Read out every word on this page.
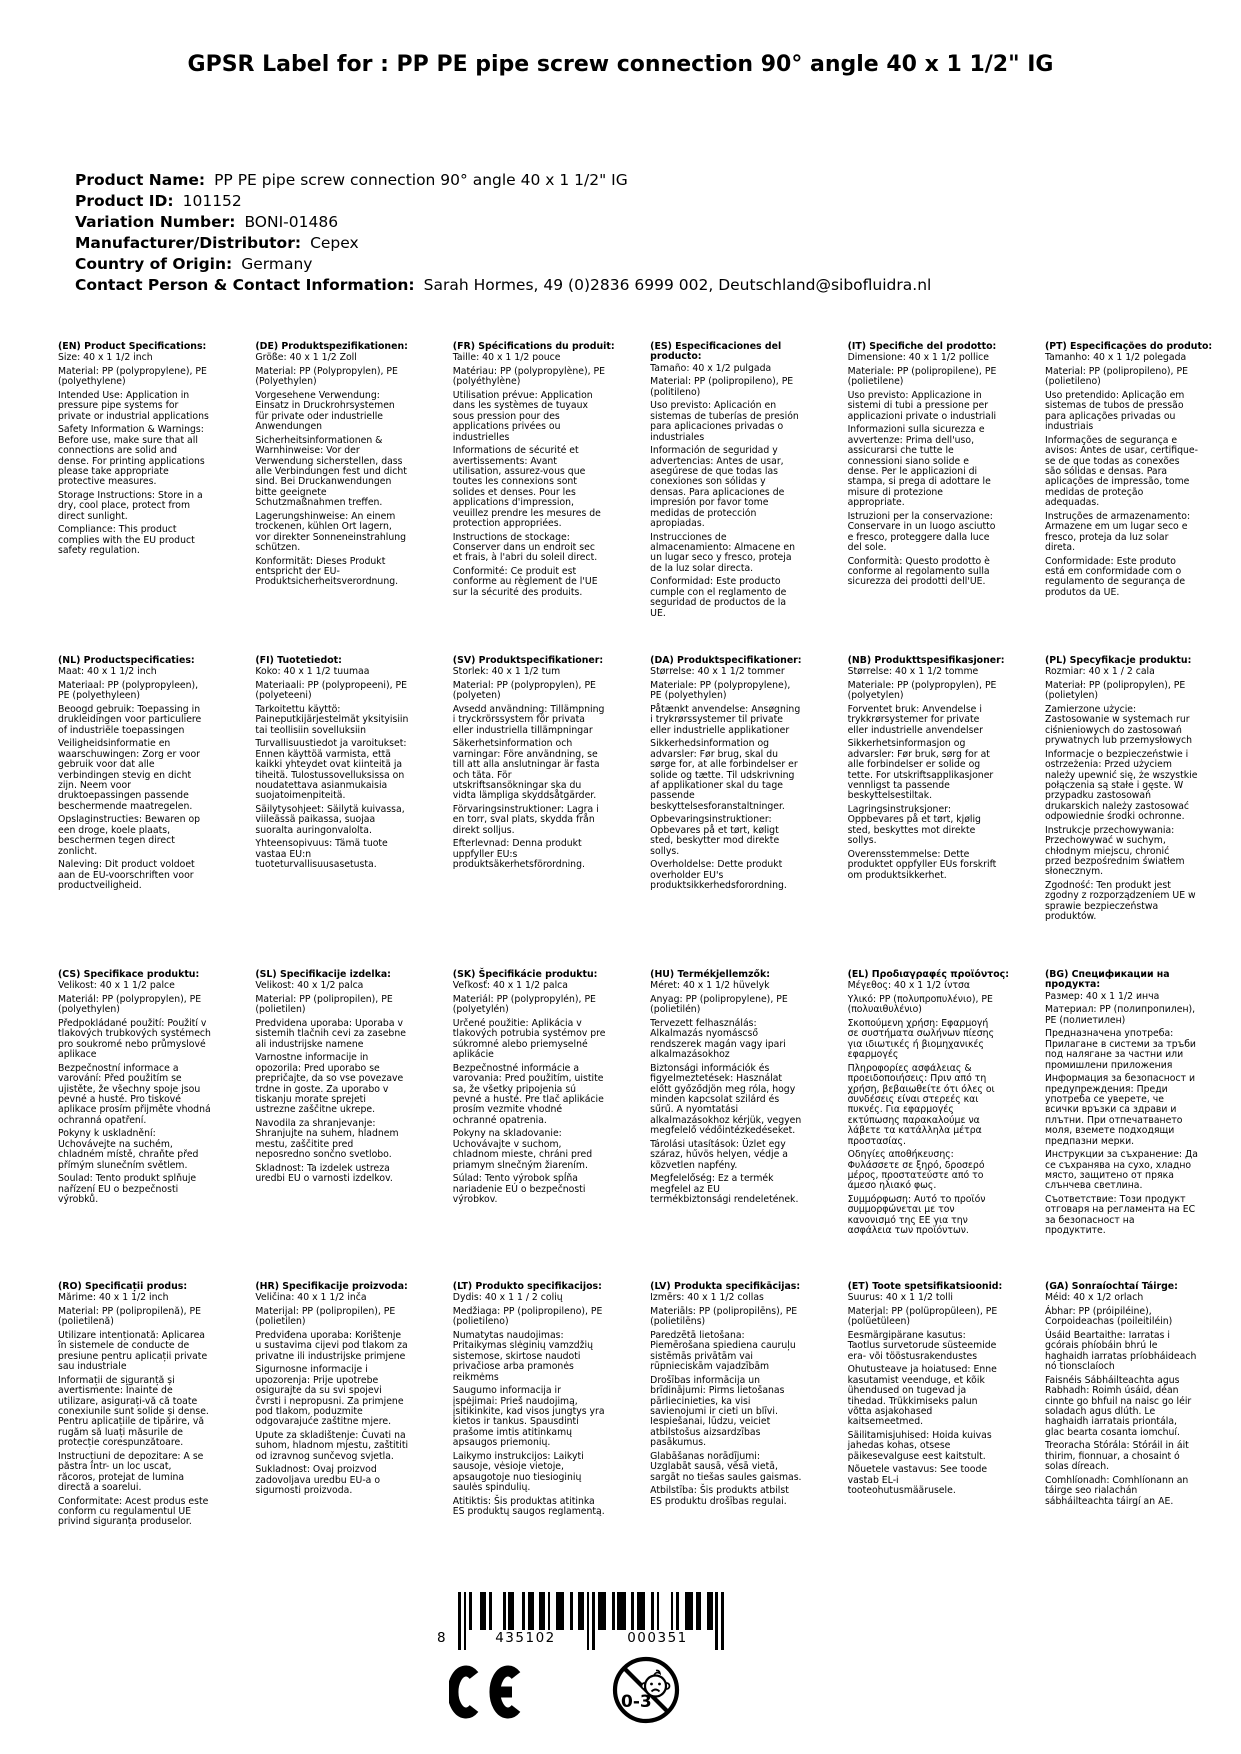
GPSR Label for : PP PE pipe screw connection 90° angle 40 x 1 1/2" IG
Product Name: PP PE pipe screw connection 90° angle 40 x 1 1/2" IG
Product ID: 101152
Variation Number: BONI-01486
Manufacturer/Distributor: Cepex
Country of Origin: Germany
Contact Person & Contact Information: Sarah Hormes, 49 (0)2836 6999 002, Deutschland@sibofluidra.nl

(EN) Product Specifications:

Size: 40 x 1 1/2 inch

Material: PP (polypropylene), PE (polyethylene)

Intended Use: Application in pressure pipe systems for private or industrial applications

Safety Information & Warnings: Before use, make sure that all connections are solid and dense. For printing applications please take appropriate protective measures.

Storage Instructions: Store in a dry, cool place, protect from direct sunlight.

Compliance: This product complies with the EU product safety regulation.

(DE) Produktspezifikationen:

Größe: 40 x 1 1/2 Zoll

Material: PP (Polypropylen), PE (Polyethylen)

Vorgesehene Verwendung: Einsatz in Druckrohrsystemen für private oder industrielle Anwendungen

Sicherheitsinformationen & Warnhinweise: Vor der Verwendung sicherstellen, dass alle Verbindungen fest und dicht sind. Bei Druckanwendungen bitte geeignete Schutzmaßnahmen treffen.

Lagerungshinweise: An einem trockenen, kühlen Ort lagern, vor direkter Sonneneinstrahlung schützen.

Konformität: Dieses Produkt entspricht der EU-Produktsicherheitsverordnung.

(FR) Spécifications du produit:

Taille: 40 x 1 1/2 pouce

Matériau: PP (polypropylène), PE (polyéthylène)

Utilisation prévue: Application dans les systèmes de tuyaux sous pression pour des applications privées ou industrielles

Informations de sécurité et avertissements: Avant utilisation, assurez-vous que toutes les connexions sont solides et denses. Pour les applications d'impression, veuillez prendre les mesures de protection appropriées.

Instructions de stockage: Conserver dans un endroit sec et frais, à l'abri du soleil direct.

Conformité: Ce produit est conforme au règlement de l'UE sur la sécurité des produits.

(ES) Especificaciones del producto:

Tamaño: 40 x 1/2 pulgada

Material: PP (polipropileno), PE (politileno)

Uso previsto: Aplicación en sistemas de tuberías de presión para aplicaciones privadas o industriales

Información de seguridad y advertencias: Antes de usar, asegúrese de que todas las conexiones son sólidas y densas. Para aplicaciones de impresión por favor tome medidas de protección apropiadas.

Instrucciones de almacenamiento: Almacene en un lugar seco y fresco, proteja de la luz solar directa.

Conformidad: Este producto cumple con el reglamento de seguridad de productos de la UE.

(IT) Specifiche del prodotto:

Dimensione: 40 x 1 1/2 pollice

Materiale: PP (polipropilene), PE (polietilene)

Uso previsto: Applicazione in sistemi di tubi a pressione per applicazioni private o industriali

Informazioni sulla sicurezza e avvertenze: Prima dell'uso, assicurarsi che tutte le connessioni siano solide e dense. Per le applicazioni di stampa, si prega di adottare le misure di protezione appropriate.

Istruzioni per la conservazione: Conservare in un luogo asciutto e fresco, proteggere dalla luce del sole.

Conformità: Questo prodotto è conforme al regolamento sulla sicurezza dei prodotti dell'UE.

(PT) Especificações do produto:

Tamanho: 40 x 1 1/2 polegada

Material: PP (polipropileno), PE (polietileno)

Uso pretendido: Aplicação em sistemas de tubos de pressão para aplicações privadas ou industriais

Informações de segurança e avisos: Antes de usar, certifique-se de que todas as conexões são sólidas e densas. Para aplicações de impressão, tome medidas de proteção adequadas.

Instruções de armazenamento: Armazene em um lugar seco e fresco, proteja da luz solar direta.

Conformidade: Este produto está em conformidade com o regulamento de segurança de produtos da UE.

(NL) Productspecificaties:

Maat: 40 x 1 1/2 inch

Materiaal: PP (polypropyleen), PE (polyethyleen)

Beoogd gebruik: Toepassing in drukleidingen voor particuliere of industriële toepassingen

Veiligheidsinformatie en waarschuwingen: Zorg er voor gebruik voor dat alle verbindingen stevig en dicht zijn. Neem voor druktoepassingen passende beschermende maatregelen.

Opslaginstructies: Bewaren op een droge, koele plaats, beschermen tegen direct zonlicht.

Naleving: Dit product voldoet aan de EU-voorschriften voor productveiligheid.

(FI) Tuotetiedot:

Koko: 40 x 1 1/2 tuumaa

Materiaali: PP (polypropeeni), PE (polyeteeni)

Tarkoitettu käyttö: Paineputkijärjestelmät yksityisiin tai teollisiin sovelluksiin

Turvallisuustiedot ja varoitukset: Ennen käyttöä varmista, että kaikki yhteydet ovat kiinteitä ja tiheitä. Tulostussovelluksissa on noudatettava asianmukaisia suojatoimenpiteitä.

Säilytysohjeet: Säilytä kuivassa, viileässä paikassa, suojaa suoralta auringonvalolta.

Yhteensopivuus: Tämä tuote vastaa EU:n tuoteturvallisuusasetusta.

(SV) Produktspecifikationer:

Storlek: 40 x 1 1/2 tum

Material: PP (polypropylen), PE (polyeten)

Avsedd användning: Tillämpning i tryckrörssystem för privata eller industriella tillämpningar

Säkerhetsinformation och varningar: Före användning, se till att alla anslutningar är fasta och täta. För utskriftsansökningar ska du vidta lämpliga skyddsåtgärder.

Förvaringsinstruktioner: Lagra i en torr, sval plats, skydda från direkt solljus.

Efterlevnad: Denna produkt uppfyller EU:s produktsäkerhetsförordning.

(DA) Produktspecifikationer:

Størrelse: 40 x 1 1/2 tommer

Materiale: PP (polypropylene), PE (polyethylen)

Påtænkt anvendelse: Ansøgning i trykrørssystemer til private eller industrielle applikationer

Sikkerhedsinformation og advarsler: Før brug, skal du sørge for, at alle forbindelser er solide og tætte. Til udskrivning af applikationer skal du tage passende beskyttelsesforanstaltninger.

Opbevaringsinstruktioner: Opbevares på et tørt, køligt sted, beskytter mod direkte sollys.

Overholdelse: Dette produkt overholder EU's produktsikkerhedsforordning.

(NB) Produkttspesifikasjoner:

Størrelse: 40 x 1 1/2 tomme

Materiale: PP (polypropylen), PE (polyetylen)

Forventet bruk: Anvendelse i trykkrørsystemer for private eller industrielle anvendelser

Sikkerhetsinformasjon og advarsler: Før bruk, sørg for at alle forbindelser er solide og tette. For utskriftsapplikasjoner vennligst ta passende beskyttelsestiltak.

Lagringsinstruksjoner: Oppbevares på et tørt, kjølig sted, beskyttes mot direkte sollys.

Overensstemmelse: Dette produktet oppfyller EUs forskrift om produktsikkerhet.

(PL) Specyfikacje produktu:

Rozmiar: 40 x 1 / 2 cala

Materiał: PP (polipropylen), PE (polietylen)

Zamierzone użycie: Zastosowanie w systemach rur ciśnieniowych do zastosowań prywatnych lub przemysłowych

Informacje o bezpieczeństwie i ostrzeżenia: Przed użyciem należy upewnić się, że wszystkie połączenia są stałe i gęste. W przypadku zastosowań drukarskich należy zastosować odpowiednie środki ochronne.

Instrukcje przechowywania: Przechowywać w suchym, chłodnym miejscu, chronić przed bezpośrednim światłem słonecznym.

Zgodność: Ten produkt jest zgodny z rozporządzeniem UE w sprawie bezpieczeństwa produktów.

(CS) Specifikace produktu:

Velikost: 40 x 1 1/2 palce

Materiál: PP (polypropylen), PE (polyethylen)

Předpokládané použití: Použití v tlakových trubkových systémech pro soukromé nebo průmyslové aplikace

Bezpečnostní informace a varování: Před použitím se ujistěte, že všechny spoje jsou pevné a husté. Pro tiskové aplikace prosím přijměte vhodná ochranná opatření.

Pokyny k uskladnění: Uchovávejte na suchém, chladném místě, chraňte před přímým slunečním světlem.

Soulad: Tento produkt splňuje nařízení EU o bezpečnosti výrobků.

(SL) Specifikacije izdelka:

Velikost: 40 x 1/2 palca

Material: PP (polipropilen), PE (polietilen)

Predvidena uporaba: Uporaba v sistemih tlačnih cevi za zasebne ali industrijske namene

Varnostne informacije in opozorila: Pred uporabo se prepričajte, da so vse povezave trdne in goste. Za uporabo v tiskanju morate sprejeti ustrezne zaščitne ukrepe.

Navodila za shranjevanje: Shranjujte na suhem, hladnem mestu, zaščitite pred neposredno sončno svetlobo.

Skladnost: Ta izdelek ustreza uredbi EU o varnosti izdelkov.

(SK) Špecifikácie produktu:

Veľkosť: 40 x 1 1/2 palca

Materiál: PP (polypropylén), PE (polyetylén)

Určené použitie: Aplikácia v tlakových potrubia systémov pre súkromné alebo priemyselné aplikácie

Bezpečnostné informácie a varovania: Pred použitím, uistite sa, že všetky pripojenia sú pevné a husté. Pre tlač aplikácie prosím vezmite vhodné ochranné opatrenia.

Pokyny na skladovanie: Uchovávajte v suchom, chladnom mieste, chráni pred priamym slnečným žiarením.

Súlad: Tento výrobok spĺňa nariadenie EÚ o bezpečnosti výrobkov.

(HU) Termékjellemzők:

Méret: 40 x 1 1/2 hüvelyk

Anyag: PP (polipropylene), PE (polietilén)

Tervezett felhasználás: Alkalmazás nyomáscső rendszerek magán vagy ipari alkalmazásokhoz

Biztonsági információk és figyelmeztetések: Használat előtt győződjön meg róla, hogy minden kapcsolat szilárd és sűrű. A nyomtatási alkalmazásokhoz kérjük, vegyen megfelelő védőintézkedéseket.

Tárolási utasítások: Üzlet egy száraz, hűvös helyen, védje a közvetlen napfény.

Megfelelőség: Ez a termék megfelel az EU termékbiztonsági rendeletének.

(EL) Προδιαγραφές προϊόντος:

Μέγεθος: 40 x 1 1/2 ίντσα

Υλικό: PP (πολυπροπυλένιο), PE (πολυαιθυλένιο)

Σκοπούμενη χρήση: Εφαρμογή σε συστήματα σωλήνων πίεσης για ιδιωτικές ή βιομηχανικές εφαρμογές

Πληροφορίες ασφάλειας & προειδοποιήσεις: Πριν από τη χρήση, βεβαιωθείτε ότι όλες οι συνδέσεις είναι στερεές και πυκνές. Για εφαρμογές εκτύπωσης παρακαλούμε να λάβετε τα κατάλληλα μέτρα προστασίας.

Οδηγίες αποθήκευσης: Φυλάσσετε σε ξηρό, δροσερό μέρος, προστατεύστε από το άμεσο ηλιακό φως.

Συμμόρφωση: Αυτό το προϊόν συμμορφώνεται με τον κανονισμό της ΕΕ για την ασφάλεια των προϊόντων.

(BG) Спецификации на продукта:

Размер: 40 x 1 1/2 инча

Материал: PP (полипропилен), PE (полиетилен)

Предназначена употреба: Прилагане в системи за тръби под налягане за частни или промишлени приложения

Информация за безопасност и предупреждения: Преди употреба се уверете, че всички връзки са здрави и плътни. При отпечатването моля, вземете подходящи предпазни мерки.

Инструкции за съхранение: Да се съхранява на сухо, хладно място, защитено от пряка слънчева светлина.

Съответствие: Този продукт отговаря на регламента на ЕС за безопасност на продуктите.

(RO) Specificații produs:

Mărime: 40 x 1 1/2 inch

Material: PP (polipropilenă), PE (polietilenă)

Utilizare intenționată: Aplicarea în sistemele de conducte de presiune pentru aplicații private sau industriale

Informații de siguranță și avertismente: Înainte de utilizare, asigurați-vă că toate conexiunile sunt solide și dense. Pentru aplicațiile de tipărire, vă rugăm să luați măsurile de protecție corespunzătoare.

Instrucțiuni de depozitare: A se păstra într- un loc uscat, răcoros, protejat de lumina directă a soarelui.

Conformitate: Acest produs este conform cu regulamentul UE privind siguranța produselor.

(HR) Specifikacije proizvoda:

Veličina: 40 x 1 1/2 inča

Materijal: PP (polipropilen), PE (polietilen)

Predviđena uporaba: Korištenje u sustavima cijevi pod tlakom za privatne ili industrijske primjene

Sigurnosne informacije i upozorenja: Prije upotrebe osigurajte da su svi spojevi čvrsti i nepropusni. Za primjene pod tlakom, poduzmite odgovarajuće zaštitne mjere.

Upute za skladištenje: Čuvati na suhom, hladnom mjestu, zaštititi od izravnog sunčevog svjetla.

Sukladnost: Ovaj proizvod zadovoljava uredbu EU-a o sigurnosti proizvoda.

(LT) Produkto specifikacijos:

Dydis: 40 x 1 1 / 2 colių

Medžiaga: PP (polipropileno), PE (polietileno)

Numatytas naudojimas: Pritaikymas slėginių vamzdžių sistemose, skirtose naudoti privačiose arba pramonės reikmėms

Saugumo informacija ir įspėjimai: Prieš naudojimą, įsitikinkite, kad visos jungtys yra kietos ir tankus. Spausdinti prašome imtis atitinkamų apsaugos priemonių.

Laikymo instrukcijos: Laikyti sausoje, vėsioje vietoje, apsaugotoje nuo tiesioginių saulės spindulių.

Atitiktis: Šis produktas atitinka ES produktų saugos reglamentą.

(LV) Produkta specifikācijas:

Izmērs: 40 x 1 1/2 collas

Materiāls: PP (polipropilēns), PE (polietilēns)

Paredzētā lietošana: Piemērošana spiediena cauruļu sistēmās privātām vai rūpnieciskām vajadzībām

Drošības informācija un brīdinājumi: Pirms lietošanas pārliecinieties, ka visi savienojumi ir cieti un blīvi. Iespiešanai, lūdzu, veiciet atbilstošus aizsardzības pasākumus.

Glabāšanas norādījumi: Uzglabāt sausā, vēsā vietā, sargāt no tiešas saules gaismas.

Atbilstība: Šis produkts atbilst ES produktu drošības regulai.

(ET) Toote spetsifikatsioonid:

Suurus: 40 x 1 1/2 tolli

Materjal: PP (polüpropüleen), PE (polüetüleen)

Eesmärgipärane kasutus: Taotlus survetorude süsteemide era- või tööstusrakendustes

Ohutusteave ja hoiatused: Enne kasutamist veenduge, et kõik ühendused on tugevad ja tihedad. Trükkimiseks palun võtta asjakohased kaitsemeetmed.

Säilitamisjuhised: Hoida kuivas jahedas kohas, otsese päikesevalguse eest kaitstult.

Nõuetele vastavus: See toode vastab EL-i tooteohutusmäärusele.

(GA) Sonraíochtaí Táirge:

Méid: 40 x 1/2 orlach

Ábhar: PP (próipiléine), Corpoideachas (poileitiléin)

Úsáid Beartaithe: Iarratas i gcórais phíobáin bhrú le haghaidh iarratas príobháideach nó tionsclaíoch

Faisnéis Sábháilteachta agus Rabhadh: Roimh úsáid, déan cinnte go bhfuil na naisc go léir soladach agus dlúth. Le haghaidh iarratais priontála, glac bearta cosanta iomchuí.

Treoracha Stórála: Stóráil in áit thirim, fionnuar, a chosaint ó solas díreach.

Comhlíonadh: Comhlíonann an táirge seo rialachán sábháilteachta táirgí an AE.

8	435102	000351
0-3
